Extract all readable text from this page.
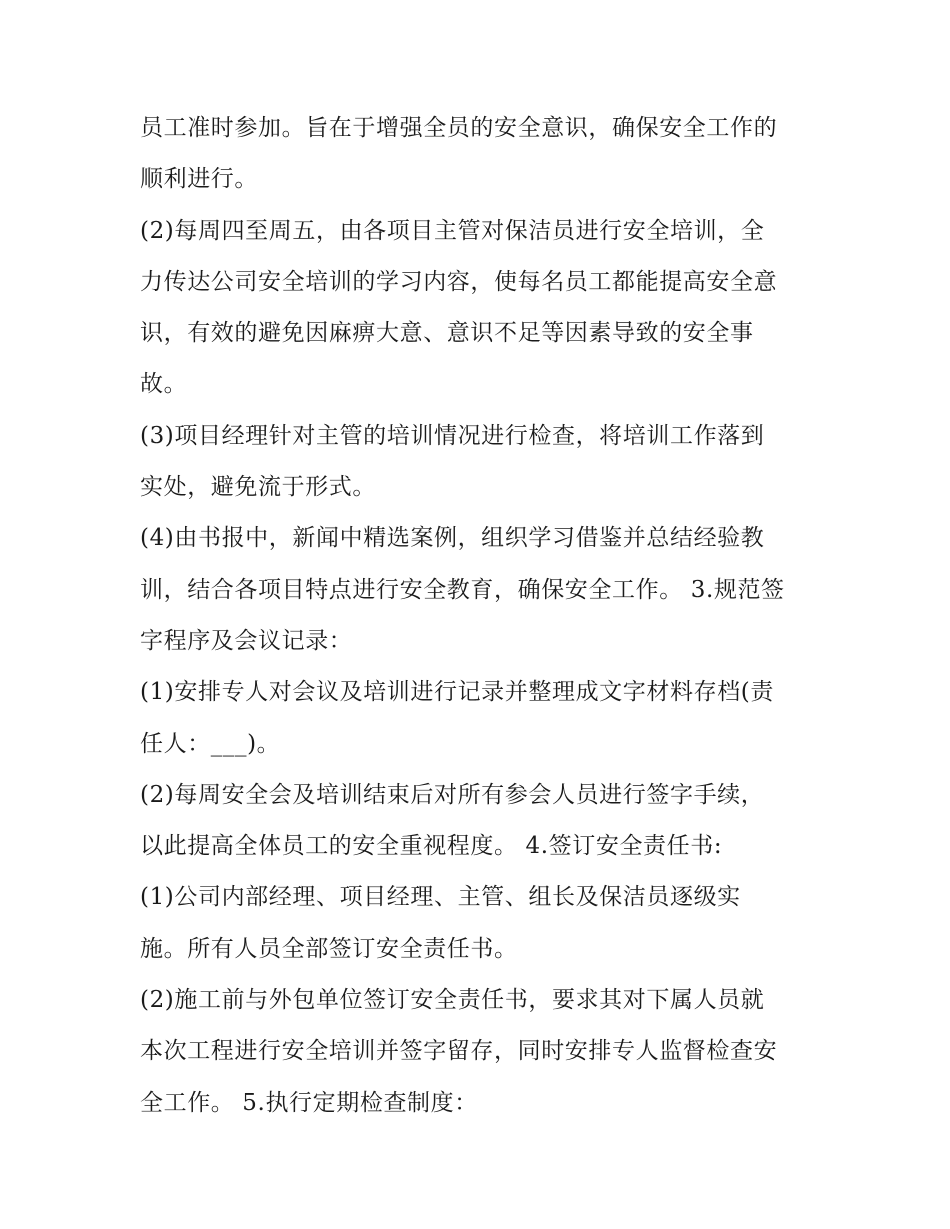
员工准时参加。旨在于增强全员的安全意识，确保安全工作的
顺利进行。
(2)每周四至周五，由各项目主管对保洁员进行安全培训，全
力传达公司安全培训的学习内容，使每名员工都能提高安全意
识，有效的避免因麻痹大意、意识不足等因素导致的安全事
故。
(3)项目经理针对主管的培训情况进行检查，将培训工作落到
实处，避免流于形式。
(4)由书报中，新闻中精选案例，组织学习借鉴并总结经验教
训，结合各项目特点进行安全教育，确保安全工作。 3.规范签
字程序及会议记录：
(1)安排专人对会议及培训进行记录并整理成文字材料存档(责
任人：___)。
(2)每周安全会及培训结束后对所有参会人员进行签字手续，
以此提高全体员工的安全重视程度。 4.签订安全责任书:
(1)公司内部经理、项目经理、主管、组长及保洁员逐级实
施。所有人员全部签订安全责任书。
(2)施工前与外包单位签订安全责任书，要求其对下属人员就
本次工程进行安全培训并签字留存，同时安排专人监督检查安
全工作。 5.执行定期检查制度：
